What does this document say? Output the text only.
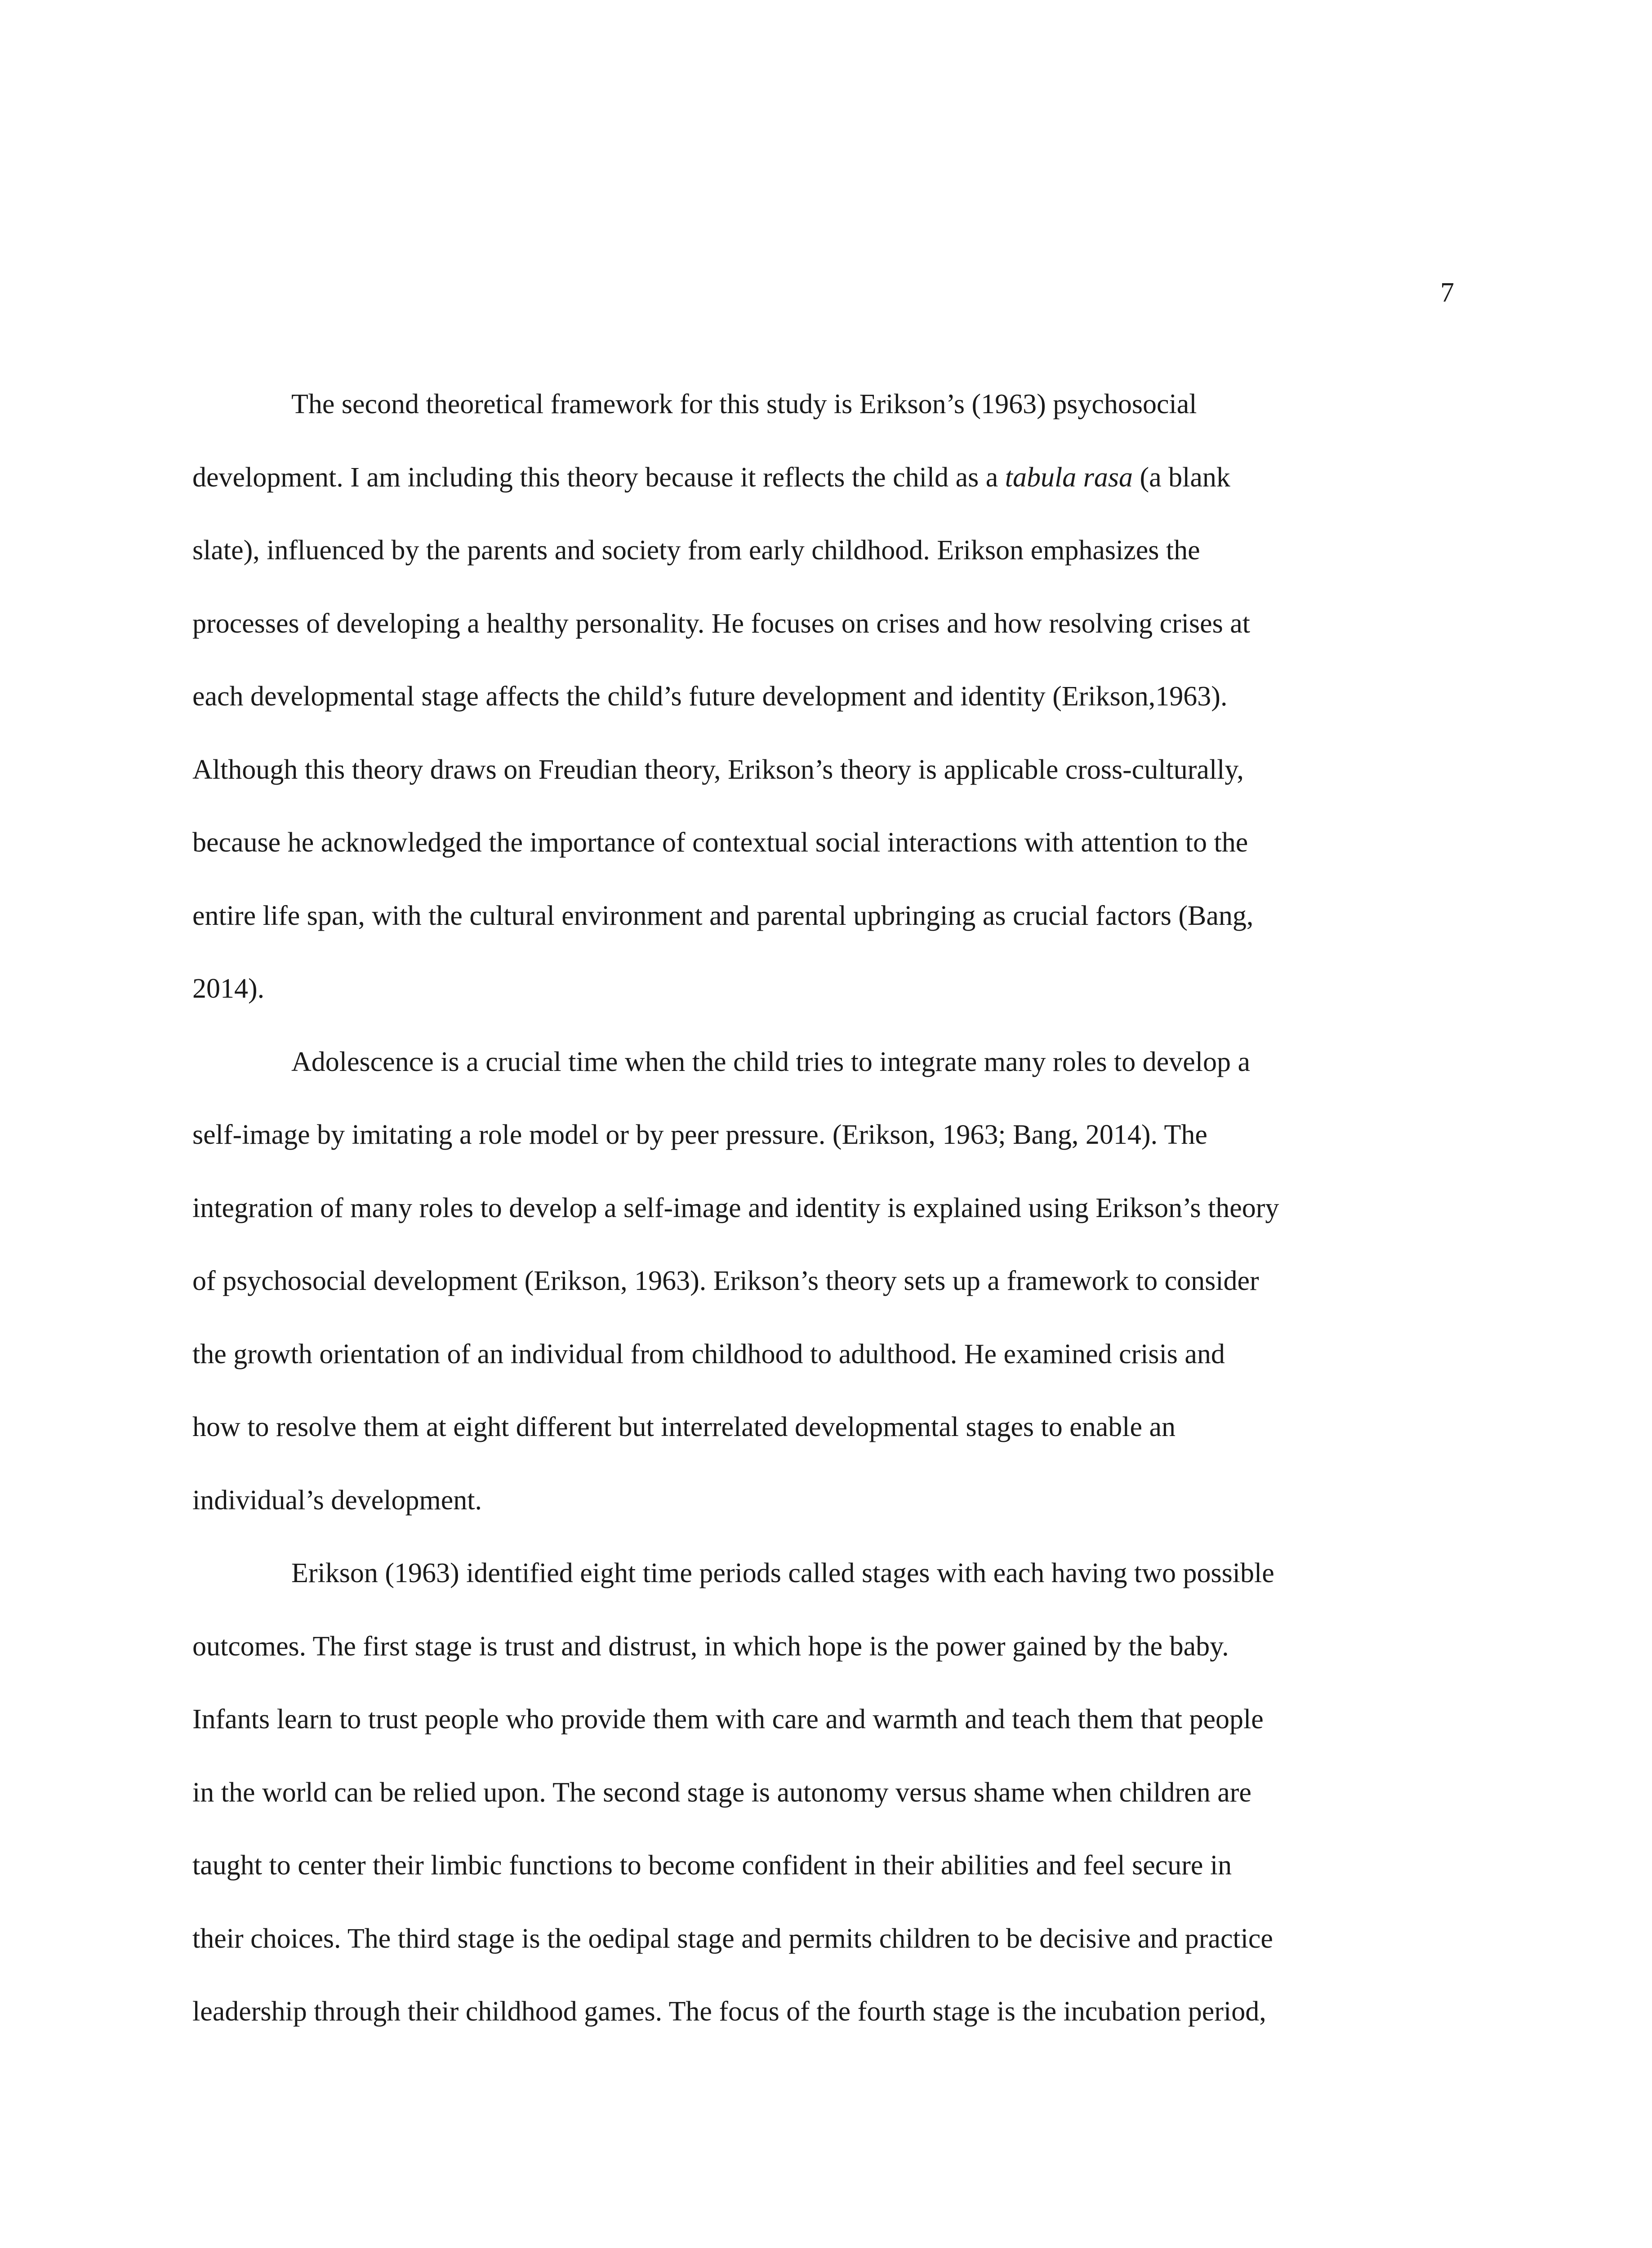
7
The second theoretical framework for this study is Erikson’s (1963) psychosocial
development. I am including this theory because it reflects the child as a tabula rasa (a blank
slate), influenced by the parents and society from early childhood. Erikson emphasizes the
processes of developing a healthy personality. He focuses on crises and how resolving crises at
each developmental stage affects the child’s future development and identity (Erikson,1963).
Although this theory draws on Freudian theory, Erikson’s theory is applicable cross-culturally,
because he acknowledged the importance of contextual social interactions with attention to the
entire life span, with the cultural environment and parental upbringing as crucial factors (Bang,
2014).
Adolescence is a crucial time when the child tries to integrate many roles to develop a
self-image by imitating a role model or by peer pressure. (Erikson, 1963; Bang, 2014). The
integration of many roles to develop a self-image and identity is explained using Erikson’s theory
of psychosocial development (Erikson, 1963). Erikson’s theory sets up a framework to consider
the growth orientation of an individual from childhood to adulthood. He examined crisis and
how to resolve them at eight different but interrelated developmental stages to enable an
individual’s development.
Erikson (1963) identified eight time periods called stages with each having two possible
outcomes. The first stage is trust and distrust, in which hope is the power gained by the baby.
Infants learn to trust people who provide them with care and warmth and teach them that people
in the world can be relied upon. The second stage is autonomy versus shame when children are
taught to center their limbic functions to become confident in their abilities and feel secure in
their choices. The third stage is the oedipal stage and permits children to be decisive and practice
leadership through their childhood games. The focus of the fourth stage is the incubation period,
